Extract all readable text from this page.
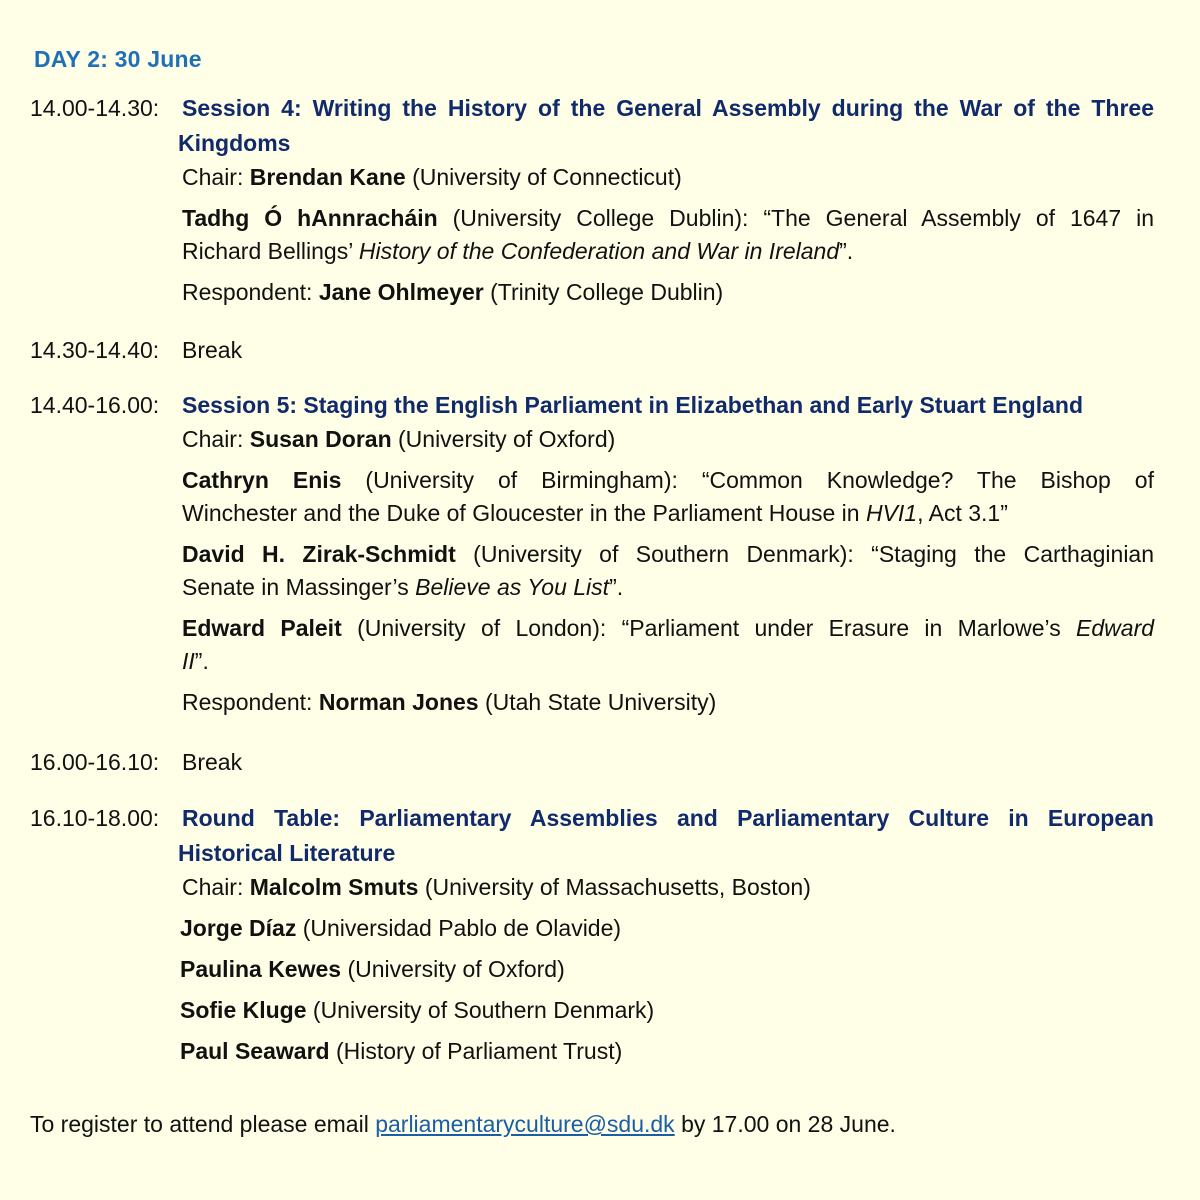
DAY 2: 30 June
14.00-14.30: Session 4: Writing the History of the General Assembly during the War of the Three
Kingdoms
Chair: Brendan Kane (University of Connecticut)
Tadhg Ó hAnnracháin (University College Dublin): “The General Assembly of 1647 in
Richard Bellings’ History of the Confederation and War in Ireland”.
Respondent: Jane Ohlmeyer (Trinity College Dublin)
14.30-14.40: Break
14.40-16.00: Session 5: Staging the English Parliament in Elizabethan and Early Stuart England
Chair: Susan Doran (University of Oxford)
Cathryn Enis (University of Birmingham): “Common Knowledge? The Bishop of
Winchester and the Duke of Gloucester in the Parliament House in HVI1, Act 3.1”
David H. Zirak-Schmidt (University of Southern Denmark): “Staging the Carthaginian
Senate in Massinger’s Believe as You List”.
Edward Paleit (University of London): “Parliament under Erasure in Marlowe’s Edward
II”.
Respondent: Norman Jones (Utah State University)
16.00-16.10: Break
16.10-18.00: Round Table: Parliamentary Assemblies and Parliamentary Culture in European
Historical Literature
Chair: Malcolm Smuts (University of Massachusetts, Boston)
Jorge Díaz (Universidad Pablo de Olavide)
Paulina Kewes (University of Oxford)
Sofie Kluge (University of Southern Denmark)
Paul Seaward (History of Parliament Trust)
To register to attend please email parliamentaryculture@sdu.dk by 17.00 on 28 June.
